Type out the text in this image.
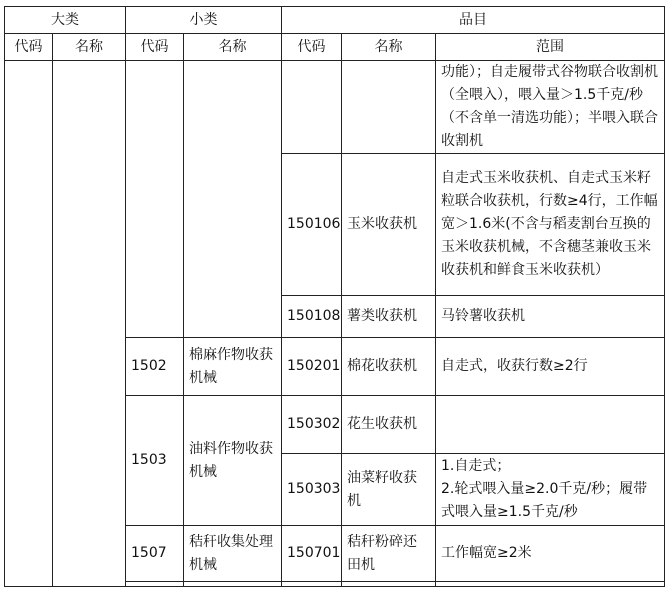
大类		小类		品目		
代码	名称	代码	名称	代码	名称	范围
						功能）；自走履带式谷物联合收割机（全喂入），喂入量＞1.5千克/秒（不含单一清选功能）；半喂入联合收割机
				150106	玉米收获机	自走式玉米收获机、自走式玉米籽粒联合收获机，行数≥4行，工作幅宽＞1.6米(不含与稻麦割台互换的玉米收获机械，不含穗茎兼收玉米收获机和鲜食玉米收获机）
				150108	薯类收获机	马铃薯收获机
		1502	棉麻作物收获机械	150201	棉花收获机	自走式，收获行数≥2行
		1503	油料作物收获机械	150302	花生收获机	
				150303	油菜籽收获机	1.自走式；
2.轮式喂入量≥2.0千克/秒；履带式喂入量≥1.5千克/秒

		1507	秸秆收集处理机械	150701	秸秆粉碎还田机	工作幅宽≥2米
